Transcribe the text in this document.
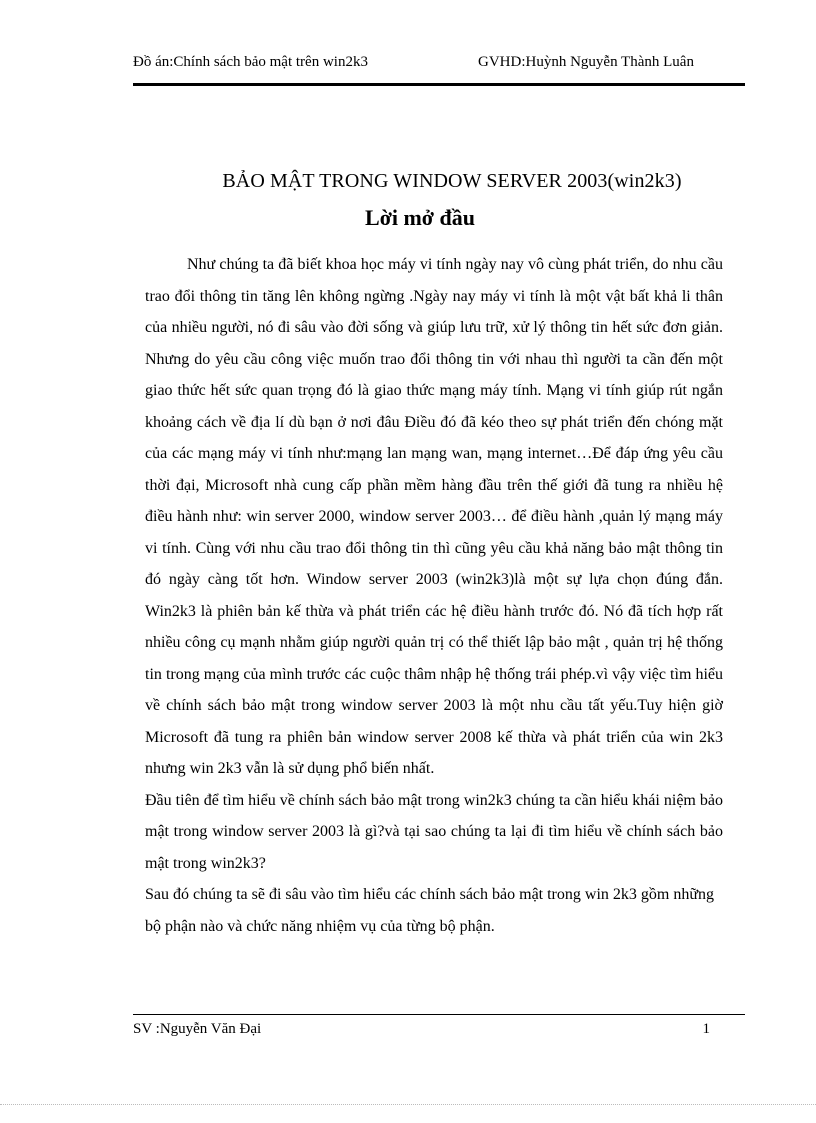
Đồ án:Chính sách bảo mật trên win2k3	GVHD:Huỳnh Nguyễn Thành Luân
BẢO MẬT TRONG WINDOW SERVER 2003(win2k3)
Lời mở đầu

Như chúng ta đã biết khoa học máy vi tính ngày nay vô cùng phát triển, do nhu cầu trao đổi thông tin tăng lên không ngừng .Ngày nay máy vi tính là một vật bất khả li thân của nhiều người, nó đi sâu vào đời sống và giúp lưu trữ, xử lý thông tin hết sức đơn giản. Nhưng do yêu cầu công việc muốn trao đổi thông tin với nhau thì người ta cần đến một giao thức hết sức quan trọng đó là giao thức mạng máy tính. Mạng vi tính giúp rút ngắn khoảng cách về địa lí dù bạn ở nơi đâu Điều đó đã kéo theo sự phát triển đến chóng mặt của các mạng máy vi tính như:mạng lan mạng wan, mạng internet…Để đáp ứng yêu cầu thời đại, Microsoft nhà cung cấp phần mềm hàng đầu trên thế giới đã tung ra nhiều hệ điều hành như: win server 2000, window server 2003… để điều hành ,quản lý mạng máy vi tính. Cùng với nhu cầu trao đổi thông tin thì cũng yêu cầu khả năng bảo mật thông tin đó ngày càng tốt hơn. Window server 2003 (win2k3)là một sự lựa chọn đúng đắn. Win2k3 là phiên bản kế thừa và phát triển các hệ điều hành trước đó. Nó đã tích hợp rất nhiều công cụ mạnh nhằm giúp người quản trị có thể thiết lập bảo mật , quản trị hệ thống tin trong mạng của mình trước các cuộc thâm nhập hệ thống trái phép.vì vậy việc tìm hiểu về chính sách bảo mật trong window server 2003 là một nhu cầu tất yếu.Tuy hiện giờ Microsoft đã tung ra phiên bản window server 2008 kế thừa và phát triển của win 2k3 nhưng win 2k3 vẫn là sử dụng phổ biến nhất.

Đầu tiên để tìm hiểu về chính sách bảo mật trong win2k3 chúng ta cần hiểu khái niệm bảo mật trong window server 2003 là gì?và tại sao chúng ta lại đi tìm hiểu về chính sách bảo mật trong win2k3?

Sau đó chúng ta sẽ đi sâu vào tìm hiểu các chính sách bảo mật trong win 2k3 gồm những bộ phận nào và chức năng nhiệm vụ của từng bộ phận.

SV :Nguyễn Văn Đại	1
